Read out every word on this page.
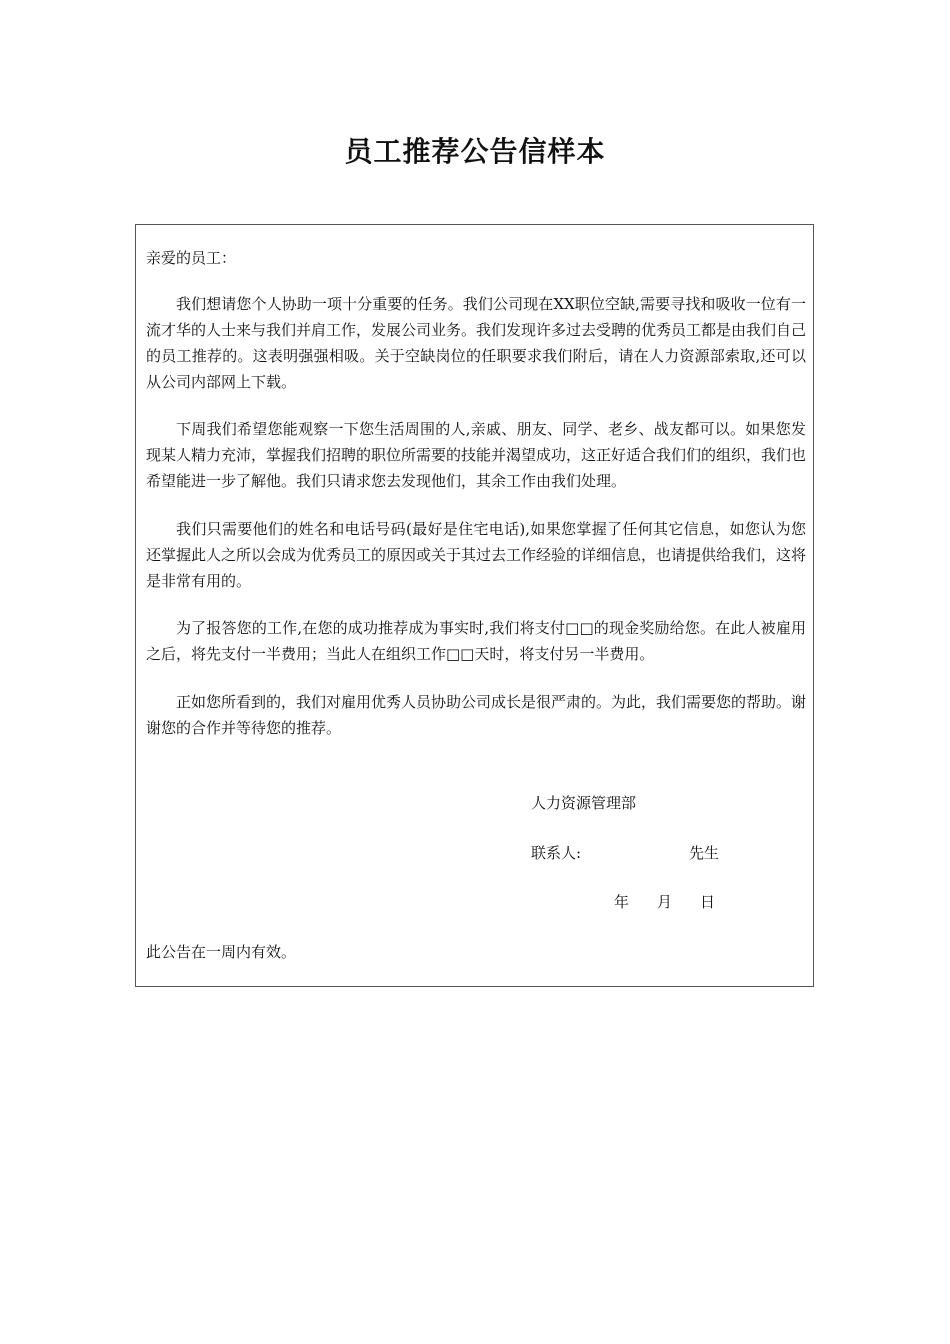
员工推荐公告信样本
亲爱的员工：

我们想请您个人协助一项十分重要的任务。我们公司现在XX职位空缺,需要寻找和吸收一位有一流才华的人士来与我们并肩工作，发展公司业务。我们发现许多过去受聘的优秀员工都是由我们自己的员工推荐的。这表明强强相吸。关于空缺岗位的任职要求我们附后，请在人力资源部索取,还可以从公司内部网上下载。

下周我们希望您能观察一下您生活周围的人,亲戚、朋友、同学、老乡、战友都可以。如果您发现某人精力充沛，掌握我们招聘的职位所需要的技能并渴望成功，这正好适合我们们的组织，我们也希望能进一步了解他。我们只请求您去发现他们，其余工作由我们处理。

我们只需要他们的姓名和电话号码(最好是住宅电话),如果您掌握了任何其它信息，如您认为您还掌握此人之所以会成为优秀员工的原因或关于其过去工作经验的详细信息，也请提供给我们，这将是非常有用的。

为了报答您的工作,在您的成功推荐成为事实时,我们将支付□□的现金奖励给您。在此人被雇用之后，将先支付一半费用；当此人在组织工作□□天时，将支付另一半费用。

正如您所看到的，我们对雇用优秀人员协助公司成长是很严肃的。为此，我们需要您的帮助。谢谢您的合作并等待您的推荐。

人力资源管理部
联系人:	先生
年 月 日
此公告在一周内有效。
